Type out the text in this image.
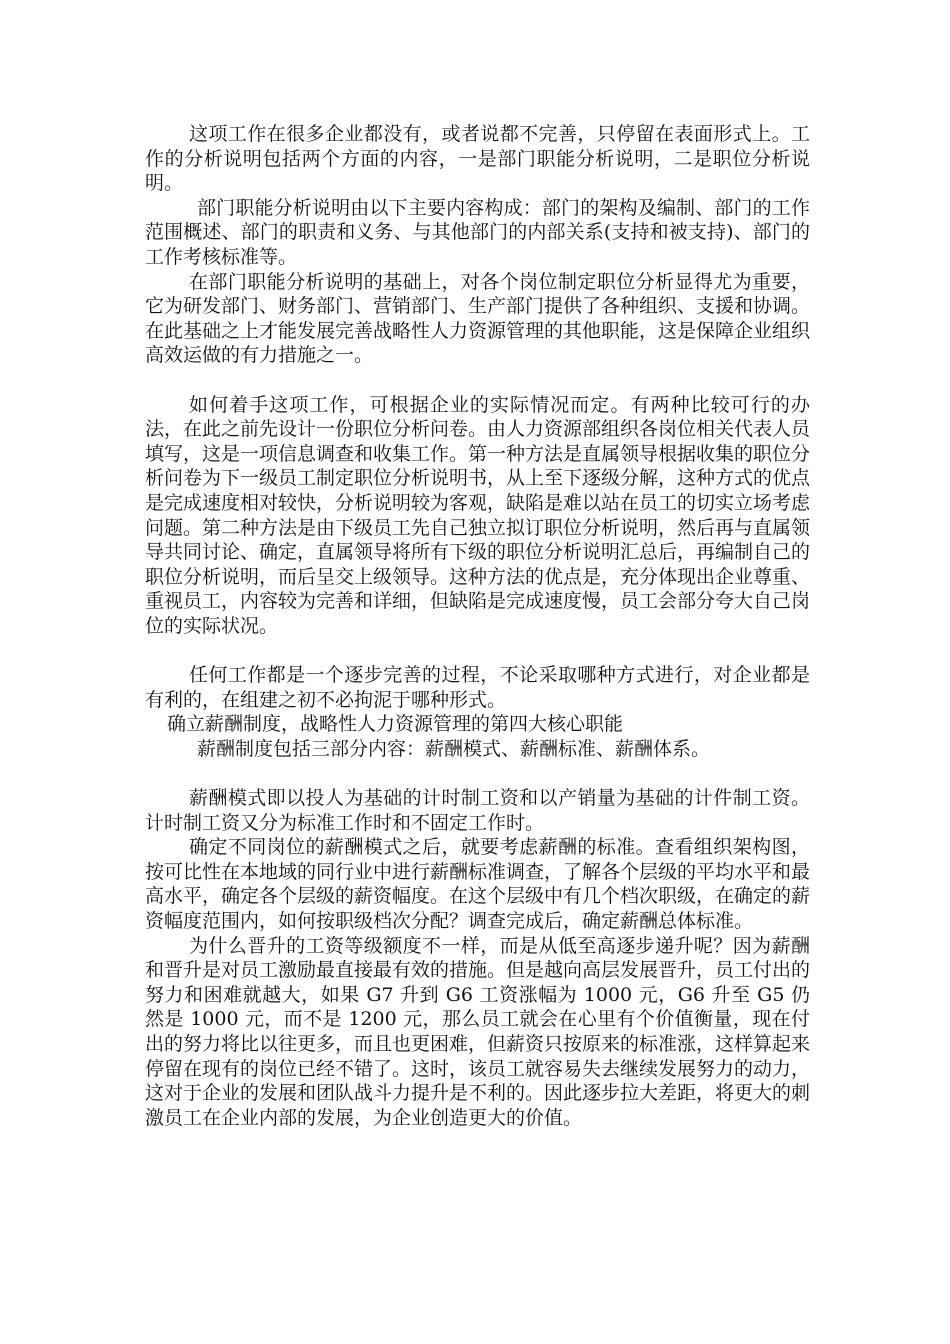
这项工作在很多企业都没有，或者说都不完善，只停留在表面形式上。工作的分析说明包括两个方面的内容，一是部门职能分析说明，二是职位分析说明。

部门职能分析说明由以下主要内容构成：部门的架构及编制、部门的工作范围概述、部门的职责和义务、与其他部门的内部关系(支持和被支持)、部门的工作考核标准等。

在部门职能分析说明的基础上，对各个岗位制定职位分析显得尤为重要，它为研发部门、财务部门、营销部门、生产部门提供了各种组织、支援和协调。在此基础之上才能发展完善战略性人力资源管理的其他职能，这是保障企业组织高效运做的有力措施之一。

如何着手这项工作，可根据企业的实际情况而定。有两种比较可行的办法，在此之前先设计一份职位分析问卷。由人力资源部组织各岗位相关代表人员填写，这是一项信息调查和收集工作。第一种方法是直属领导根据收集的职位分析问卷为下一级员工制定职位分析说明书，从上至下逐级分解，这种方式的优点是完成速度相对较快，分析说明较为客观，缺陷是难以站在员工的切实立场考虑问题。第二种方法是由下级员工先自己独立拟订职位分析说明，然后再与直属领导共同讨论、确定，直属领导将所有下级的职位分析说明汇总后，再编制自己的职位分析说明，而后呈交上级领导。这种方法的优点是，充分体现出企业尊重、重视员工，内容较为完善和详细，但缺陷是完成速度慢，员工会部分夸大自己岗位的实际状况。

任何工作都是一个逐步完善的过程，不论采取哪种方式进行，对企业都是有利的，在组建之初不必拘泥于哪种形式。

确立薪酬制度，战略性人力资源管理的第四大核心职能

薪酬制度包括三部分内容：薪酬模式、薪酬标准、薪酬体系。

薪酬模式即以投人为基础的计时制工资和以产销量为基础的计件制工资。计时制工资又分为标准工作时和不固定工作时。

确定不同岗位的薪酬模式之后，就要考虑薪酬的标准。查看组织架构图，按可比性在本地域的同行业中进行薪酬标准调查，了解各个层级的平均水平和最高水平，确定各个层级的薪资幅度。在这个层级中有几个档次职级，在确定的薪资幅度范围内，如何按职级档次分配？调查完成后，确定薪酬总体标准。

为什么晋升的工资等级额度不一样，而是从低至高逐步递升呢？因为薪酬和晋升是对员工激励最直接最有效的措施。但是越向高层发展晋升，员工付出的努力和困难就越大，如果 G7 升到 G6 工资涨幅为 1000 元，G6 升至 G5 仍然是 1000 元，而不是 1200 元，那么员工就会在心里有个价值衡量，现在付出的努力将比以往更多，而且也更困难，但薪资只按原来的标准涨，这样算起来停留在现有的岗位已经不错了。这时，该员工就容易失去继续发展努力的动力，这对于企业的发展和团队战斗力提升是不利的。因此逐步拉大差距，将更大的刺激员工在企业内部的发展，为企业创造更大的价值。
